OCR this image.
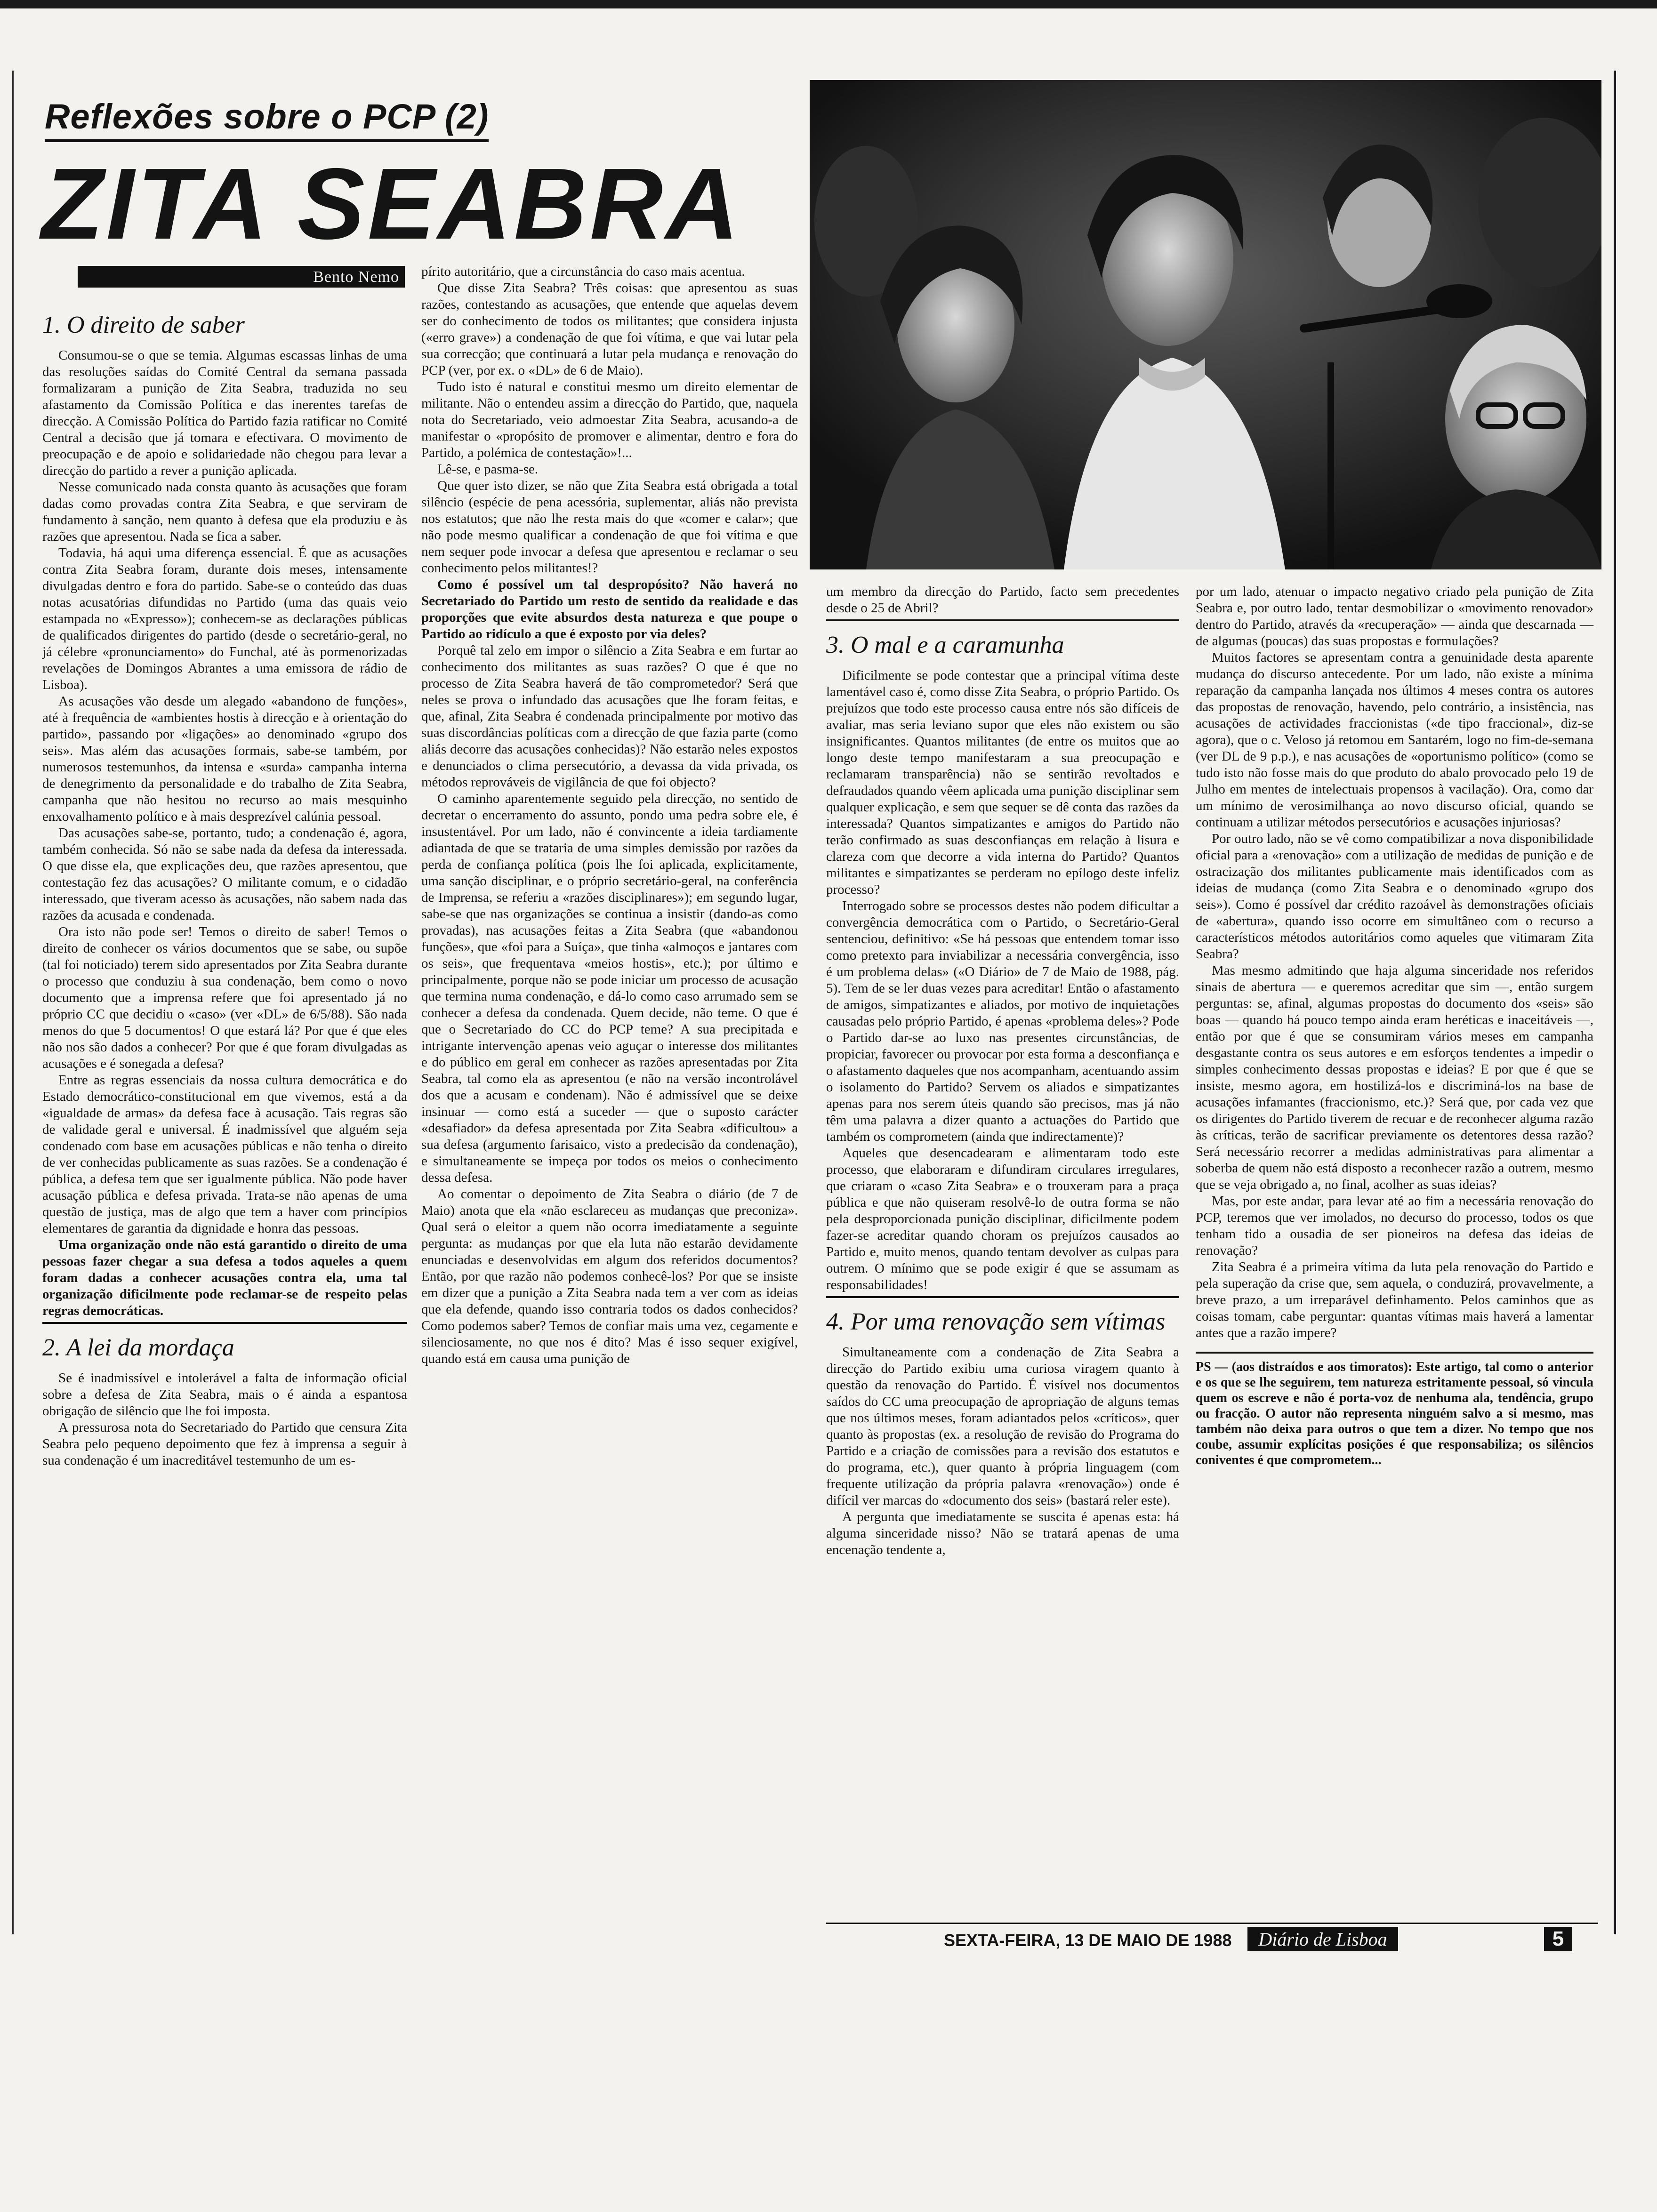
Reflexões sobre o PCP (2)
ZITA SEABRA
Bento Nemo
1. O direito de saber

Consumou-se o que se temia. Algumas escassas linhas de uma das resoluções saídas do Comité Central da semana passada formalizaram a punição de Zita Seabra, traduzida no seu afastamento da Comissão Política e das inerentes tarefas de direcção. A Comissão Política do Partido fazia ratificar no Comité Central a decisão que já tomara e efectivara. O movimento de preocupação e de apoio e solidariedade não chegou para levar a direcção do partido a rever a punição aplicada.

Nesse comunicado nada consta quanto às acusações que foram dadas como provadas contra Zita Seabra, e que serviram de fundamento à sanção, nem quanto à defesa que ela produziu e às razões que apresentou. Nada se fica a saber.

Todavia, há aqui uma diferença essencial. É que as acusações contra Zita Seabra foram, durante dois meses, intensamente divulgadas dentro e fora do partido. Sabe-se o conteúdo das duas notas acusatórias difundidas no Partido (uma das quais veio estampada no «Expresso»); conhecem-se as declarações públicas de qualificados dirigentes do partido (desde o secretário-geral, no já célebre «pronunciamento» do Funchal, até às pormenorizadas revelações de Domingos Abrantes a uma emissora de rádio de Lisboa).

As acusações vão desde um alegado «abandono de funções», até à frequência de «ambientes hostis à direcção e à orientação do partido», passando por «ligações» ao denominado «grupo dos seis». Mas além das acusações formais, sabe-se também, por numerosos testemunhos, da intensa e «surda» campanha interna de denegrimento da personalidade e do trabalho de Zita Seabra, campanha que não hesitou no recurso ao mais mesquinho enxovalhamento político e à mais desprezível calúnia pessoal.

Das acusações sabe-se, portanto, tudo; a condenação é, agora, também conhecida. Só não se sabe nada da defesa da interessada. O que disse ela, que explicações deu, que razões apresentou, que contestação fez das acusações? O militante comum, e o cidadão interessado, que tiveram acesso às acusações, não sabem nada das razões da acusada e condenada.

Ora isto não pode ser! Temos o direito de saber! Temos o direito de conhecer os vários documentos que se sabe, ou supõe (tal foi noticiado) terem sido apresentados por Zita Seabra durante o processo que conduziu à sua condenação, bem como o novo documento que a imprensa refere que foi apresentado já no próprio CC que decidiu o «caso» (ver «DL» de 6/5/88). São nada menos do que 5 documentos! O que estará lá? Por que é que eles não nos são dados a conhecer? Por que é que foram divulgadas as acusações e é sonegada a defesa?

Entre as regras essenciais da nossa cultura democrática e do Estado democrático-constitucional em que vivemos, está a da «igualdade de armas» da defesa face à acusação. Tais regras são de validade geral e universal. É inadmissível que alguém seja condenado com base em acusações públicas e não tenha o direito de ver conhecidas publicamente as suas razões. Se a condenação é pública, a defesa tem que ser igualmente pública. Não pode haver acusação pública e defesa privada. Trata-se não apenas de uma questão de justiça, mas de algo que tem a haver com princípios elementares de garantia da dignidade e honra das pessoas.

Uma organização onde não está garantido o direito de uma pessoas fazer chegar a sua defesa a todos aqueles a quem foram dadas a conhecer acusações contra ela, uma tal organização dificilmente pode reclamar-se de respeito pelas regras democráticas.

2. A lei da mordaça

Se é inadmissível e intolerável a falta de informação oficial sobre a defesa de Zita Seabra, mais o é ainda a espantosa obrigação de silêncio que lhe foi imposta.

A pressurosa nota do Secretariado do Partido que censura Zita Seabra pelo pequeno depoimento que fez à imprensa a seguir à sua condenação é um inacreditável testemunho de um es-

pírito autoritário, que a circunstância do caso mais acentua.

Que disse Zita Seabra? Três coisas: que apresentou as suas razões, contestando as acusações, que entende que aquelas devem ser do conhecimento de todos os militantes; que considera injusta («erro grave») a condenação de que foi vítima, e que vai lutar pela sua correcção; que continuará a lutar pela mudança e renovação do PCP (ver, por ex. o «DL» de 6 de Maio).

Tudo isto é natural e constitui mesmo um direito elementar de militante. Não o entendeu assim a direcção do Partido, que, naquela nota do Secretariado, veio admoestar Zita Seabra, acusando-a de manifestar o «propósito de promover e alimentar, dentro e fora do Partido, a polémica de contestação»!...

Lê-se, e pasma-se.

Que quer isto dizer, se não que Zita Seabra está obrigada a total silêncio (espécie de pena acessória, suplementar, aliás não prevista nos estatutos; que não lhe resta mais do que «comer e calar»; que não pode mesmo qualificar a condenação de que foi vítima e que nem sequer pode invocar a defesa que apresentou e reclamar o seu conhecimento pelos militantes!?

Como é possível um tal despropósito? Não haverá no Secretariado do Partido um resto de sentido da realidade e das proporções que evite absurdos desta natureza e que poupe o Partido ao ridículo a que é exposto por via deles?

Porquê tal zelo em impor o silêncio a Zita Seabra e em furtar ao conhecimento dos militantes as suas razões? O que é que no processo de Zita Seabra haverá de tão comprometedor? Será que neles se prova o infundado das acusações que lhe foram feitas, e que, afinal, Zita Seabra é condenada principalmente por motivo das suas discordâncias políticas com a direcção de que fazia parte (como aliás decorre das acusações conhecidas)? Não estarão neles expostos e denunciados o clima persecutório, a devassa da vida privada, os métodos reprováveis de vigilância de que foi objecto?

O caminho aparentemente seguido pela direcção, no sentido de decretar o encerramento do assunto, pondo uma pedra sobre ele, é insustentável. Por um lado, não é convincente a ideia tardiamente adiantada de que se trataria de uma simples demissão por razões da perda de confiança política (pois lhe foi aplicada, explicitamente, uma sanção disciplinar, e o próprio secretário-geral, na conferência de Imprensa, se referiu a «razões disciplinares»); em segundo lugar, sabe-se que nas organizações se continua a insistir (dando-as como provadas), nas acusações feitas a Zita Seabra (que «abandonou funções», que «foi para a Suíça», que tinha «almoços e jantares com os seis», que frequentava «meios hostis», etc.); por último e principalmente, porque não se pode iniciar um processo de acusação que termina numa condenação, e dá-lo como caso arrumado sem se conhecer a defesa da condenada. Quem decide, não teme. O que é que o Secretariado do CC do PCP teme? A sua precipitada e intrigante intervenção apenas veio aguçar o interesse dos militantes e do público em geral em conhecer as razões apresentadas por Zita Seabra, tal como ela as apresentou (e não na versão incontrolável dos que a acusam e condenam). Não é admissível que se deixe insinuar — como está a suceder — que o suposto carácter «desafiador» da defesa apresentada por Zita Seabra «dificultou» a sua defesa (argumento farisaico, visto a predecisão da condenação), e simultaneamente se impeça por todos os meios o conhecimento dessa defesa.

Ao comentar o depoimento de Zita Seabra o diário (de 7 de Maio) anota que ela «não esclareceu as mudanças que preconiza». Qual será o eleitor a quem não ocorra imediatamente a seguinte pergunta: as mudanças por que ela luta não estarão devidamente enunciadas e desenvolvidas em algum dos referidos documentos? Então, por que razão não podemos conhecê-los? Por que se insiste em dizer que a punição a Zita Seabra nada tem a ver com as ideias que ela defende, quando isso contraria todos os dados conhecidos? Como podemos saber? Temos de confiar mais uma vez, cegamente e silenciosamente, no que nos é dito? Mas é isso sequer exigível, quando está em causa uma punição de

um membro da direcção do Partido, facto sem precedentes desde o 25 de Abril?

3. O mal e a caramunha

Dificilmente se pode contestar que a principal vítima deste lamentável caso é, como disse Zita Seabra, o próprio Partido. Os prejuízos que todo este processo causa entre nós são difíceis de avaliar, mas seria leviano supor que eles não existem ou são insignificantes. Quantos militantes (de entre os muitos que ao longo deste tempo manifestaram a sua preocupação e reclamaram transparência) não se sentirão revoltados e defraudados quando vêem aplicada uma punição disciplinar sem qualquer explicação, e sem que sequer se dê conta das razões da interessada? Quantos simpatizantes e amigos do Partido não terão confirmado as suas desconfianças em relação à lisura e clareza com que decorre a vida interna do Partido? Quantos militantes e simpatizantes se perderam no epílogo deste infeliz processo?

Interrogado sobre se processos destes não podem dificultar a convergência democrática com o Partido, o Secretário-Geral sentenciou, definitivo: «Se há pessoas que entendem tomar isso como pretexto para inviabilizar a necessária convergência, isso é um problema delas» («O Diário» de 7 de Maio de 1988, pág. 5). Tem de se ler duas vezes para acreditar! Então o afastamento de amigos, simpatizantes e aliados, por motivo de inquietações causadas pelo próprio Partido, é apenas «problema deles»? Pode o Partido dar-se ao luxo nas presentes circunstâncias, de propiciar, favorecer ou provocar por esta forma a desconfiança e o afastamento daqueles que nos acompanham, acentuando assim o isolamento do Partido? Servem os aliados e simpatizantes apenas para nos serem úteis quando são precisos, mas já não têm uma palavra a dizer quanto a actuações do Partido que também os comprometem (ainda que indirectamente)?

Aqueles que desencadearam e alimentaram todo este processo, que elaboraram e difundiram circulares irregulares, que criaram o «caso Zita Seabra» e o trouxeram para a praça pública e que não quiseram resolvê-lo de outra forma se não pela desproporcionada punição disciplinar, dificilmente podem fazer-se acreditar quando choram os prejuízos causados ao Partido e, muito menos, quando tentam devolver as culpas para outrem. O mínimo que se pode exigir é que se assumam as responsabilidades!

4. Por uma renovação sem vítimas

Simultaneamente com a condenação de Zita Seabra a direcção do Partido exibiu uma curiosa viragem quanto à questão da renovação do Partido. É visível nos documentos saídos do CC uma preocupação de apropriação de alguns temas que nos últimos meses, foram adiantados pelos «críticos», quer quanto às propostas (ex. a resolução de revisão do Programa do Partido e a criação de comissões para a revisão dos estatutos e do programa, etc.), quer quanto à própria linguagem (com frequente utilização da própria palavra «renovação») onde é difícil ver marcas do «documento dos seis» (bastará reler este).

A pergunta que imediatamente se suscita é apenas esta: há alguma sinceridade nisso? Não se tratará apenas de uma encenação tendente a,

por um lado, atenuar o impacto negativo criado pela punição de Zita Seabra e, por outro lado, tentar desmobilizar o «movimento renovador» dentro do Partido, através da «recuperação» — ainda que descarnada — de algumas (poucas) das suas propostas e formulações?

Muitos factores se apresentam contra a genuinidade desta aparente mudança do discurso antecedente. Por um lado, não existe a mínima reparação da campanha lançada nos últimos 4 meses contra os autores das propostas de renovação, havendo, pelo contrário, a insistência, nas acusações de actividades fraccionistas («de tipo fraccional», diz-se agora), que o c. Veloso já retomou em Santarém, logo no fim-de-semana (ver DL de 9 p.p.), e nas acusações de «oportunismo político» (como se tudo isto não fosse mais do que produto do abalo provocado pelo 19 de Julho em mentes de intelectuais propensos à vacilação). Ora, como dar um mínimo de verosimilhança ao novo discurso oficial, quando se continuam a utilizar métodos persecutórios e acusações injuriosas?

Por outro lado, não se vê como compatibilizar a nova disponibilidade oficial para a «renovação» com a utilização de medidas de punição e de ostracização dos militantes publicamente mais identificados com as ideias de mudança (como Zita Seabra e o denominado «grupo dos seis»). Como é possível dar crédito razoável às demonstrações oficiais de «abertura», quando isso ocorre em simultâneo com o recurso a característicos métodos autoritários como aqueles que vitimaram Zita Seabra?

Mas mesmo admitindo que haja alguma sinceridade nos referidos sinais de abertura — e queremos acreditar que sim —, então surgem perguntas: se, afinal, algumas propostas do documento dos «seis» são boas — quando há pouco tempo ainda eram heréticas e inaceitáveis —, então por que é que se consumiram vários meses em campanha desgastante contra os seus autores e em esforços tendentes a impedir o simples conhecimento dessas propostas e ideias? E por que é que se insiste, mesmo agora, em hostilizá-los e discriminá-los na base de acusações infamantes (fraccionismo, etc.)? Será que, por cada vez que os dirigentes do Partido tiverem de recuar e de reconhecer alguma razão às críticas, terão de sacrificar previamente os detentores dessa razão? Será necessário recorrer a medidas administrativas para alimentar a soberba de quem não está disposto a reconhecer razão a outrem, mesmo que se veja obrigado a, no final, acolher as suas ideias?

Mas, por este andar, para levar até ao fim a necessária renovação do PCP, teremos que ver imolados, no decurso do processo, todos os que tenham tido a ousadia de ser pioneiros na defesa das ideias de renovação?

Zita Seabra é a primeira vítima da luta pela renovação do Partido e pela superação da crise que, sem aquela, o conduzirá, provavelmente, a breve prazo, a um irreparável definhamento. Pelos caminhos que as coisas tomam, cabe perguntar: quantas vítimas mais haverá a lamentar antes que a razão impere?

PS — (aos distraídos e aos timoratos): Este artigo, tal como o anterior e os que se lhe seguirem, tem natureza estritamente pessoal, só vincula quem os escreve e não é porta-voz de nenhuma ala, tendência, grupo ou fracção. O autor não representa ninguém salvo a si mesmo, mas também não deixa para outros o que tem a dizer. No tempo que nos coube, assumir explícitas posições é que responsabiliza; os silêncios coniventes é que comprometem...

SEXTA-FEIRA, 13 DE MAIO DE 1988	Diário de Lisboa	5
